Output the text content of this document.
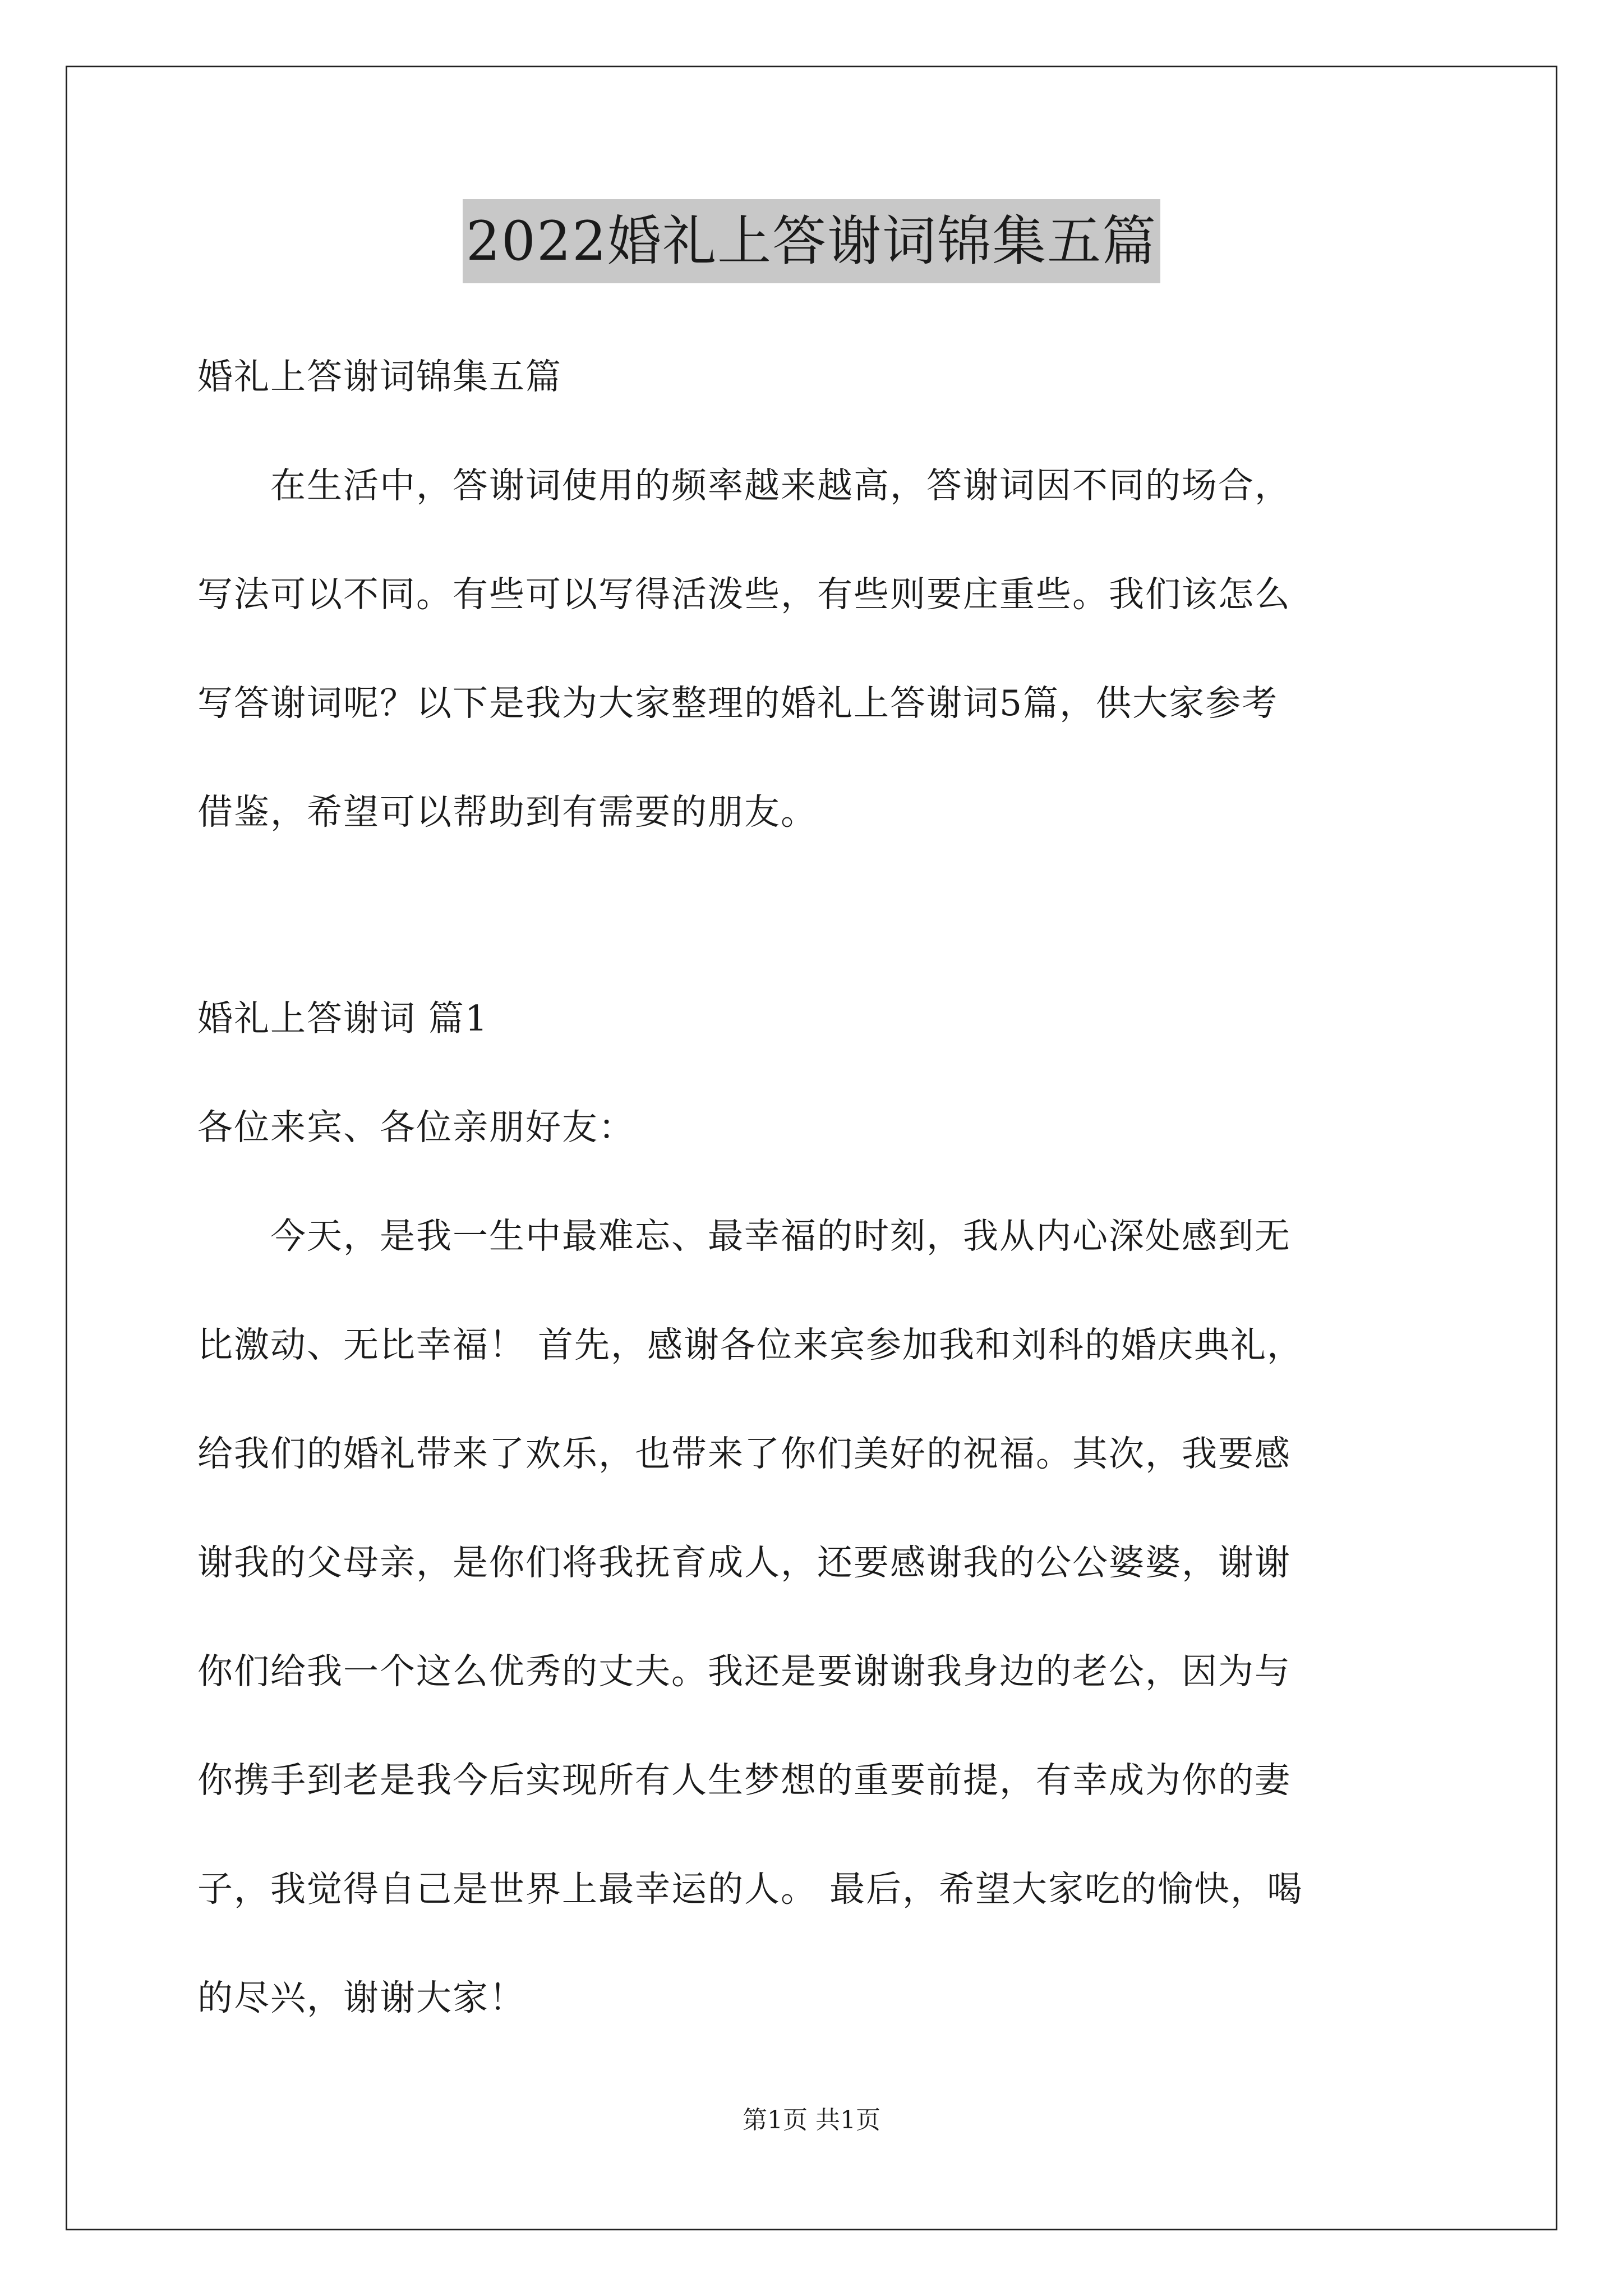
2022婚礼上答谢词锦集五篇
婚礼上答谢词锦集五篇
　　在生活中，答谢词使用的频率越来越高，答谢词因不同的场合，
写法可以不同。有些可以写得活泼些，有些则要庄重些。我们该怎么
写答谢词呢？以下是我为大家整理的婚礼上答谢词5篇，供大家参考
借鉴，希望可以帮助到有需要的朋友。
婚礼上答谢词 篇1
各位来宾、各位亲朋好友：
　　今天，是我一生中最难忘、最幸福的时刻，我从内心深处感到无
比激动、无比幸福！ 首先，感谢各位来宾参加我和刘科的婚庆典礼，
给我们的婚礼带来了欢乐，也带来了你们美好的祝福。其次，我要感
谢我的父母亲，是你们将我抚育成人，还要感谢我的公公婆婆，谢谢
你们给我一个这么优秀的丈夫。我还是要谢谢我身边的老公，因为与
你携手到老是我今后实现所有人生梦想的重要前提，有幸成为你的妻
子，我觉得自己是世界上最幸运的人。 最后，希望大家吃的愉快，喝
的尽兴，谢谢大家！
第1页 共1页
